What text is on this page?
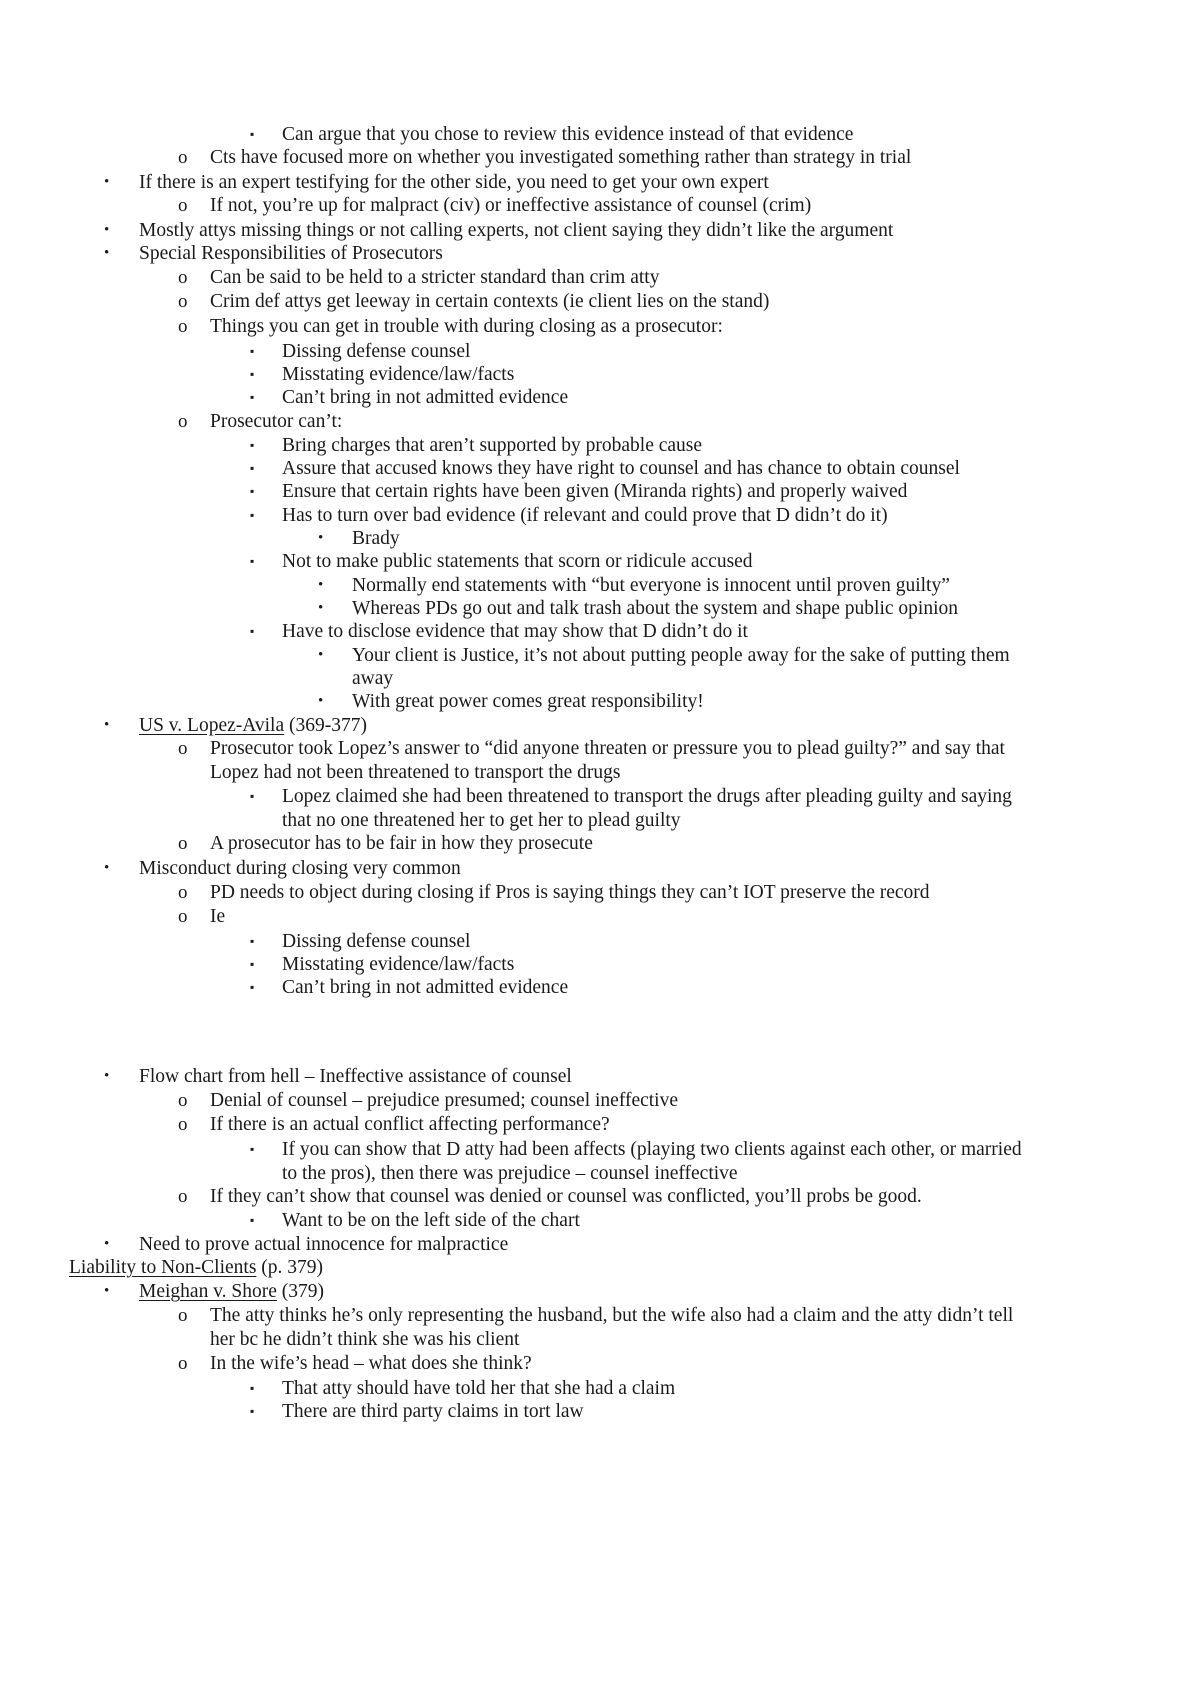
▪ Can argue that you chose to review this evidence instead of that evidence
o Cts have focused more on whether you investigated something rather than strategy in trial
• If there is an expert testifying for the other side, you need to get your own expert
o If not, you’re up for malpract (civ) or ineffective assistance of counsel (crim)
• Mostly attys missing things or not calling experts, not client saying they didn’t like the argument
• Special Responsibilities of Prosecutors
o Can be said to be held to a stricter standard than crim atty
o Crim def attys get leeway in certain contexts (ie client lies on the stand)
o Things you can get in trouble with during closing as a prosecutor:
▪ Dissing defense counsel
▪ Misstating evidence/law/facts
▪ Can’t bring in not admitted evidence
o Prosecutor can’t:
▪ Bring charges that aren’t supported by probable cause
▪ Assure that accused knows they have right to counsel and has chance to obtain counsel
▪ Ensure that certain rights have been given (Miranda rights) and properly waived
▪ Has to turn over bad evidence (if relevant and could prove that D didn’t do it)
• Brady
▪ Not to make public statements that scorn or ridicule accused
• Normally end statements with “but everyone is innocent until proven guilty”
• Whereas PDs go out and talk trash about the system and shape public opinion
▪ Have to disclose evidence that may show that D didn’t do it
• Your client is Justice, it’s not about putting people away for the sake of putting them
away
• With great power comes great responsibility!
• US v. Lopez-Avila (369-377)
o Prosecutor took Lopez’s answer to “did anyone threaten or pressure you to plead guilty?” and say that
Lopez had not been threatened to transport the drugs
▪ Lopez claimed she had been threatened to transport the drugs after pleading guilty and saying
that no one threatened her to get her to plead guilty
o A prosecutor has to be fair in how they prosecute
• Misconduct during closing very common
o PD needs to object during closing if Pros is saying things they can’t IOT preserve the record
o Ie
▪ Dissing defense counsel
▪ Misstating evidence/law/facts
▪ Can’t bring in not admitted evidence
• Flow chart from hell – Ineffective assistance of counsel
o Denial of counsel – prejudice presumed; counsel ineffective
o If there is an actual conflict affecting performance?
▪ If you can show that D atty had been affects (playing two clients against each other, or married
to the pros), then there was prejudice – counsel ineffective
o If they can’t show that counsel was denied or counsel was conflicted, you’ll probs be good.
▪ Want to be on the left side of the chart
• Need to prove actual innocence for malpractice
Liability to Non-Clients (p. 379)
• Meighan v. Shore (379)
o The atty thinks he’s only representing the husband, but the wife also had a claim and the atty didn’t tell
her bc he didn’t think she was his client
o In the wife’s head – what does she think?
▪ That atty should have told her that she had a claim
▪ There are third party claims in tort law
